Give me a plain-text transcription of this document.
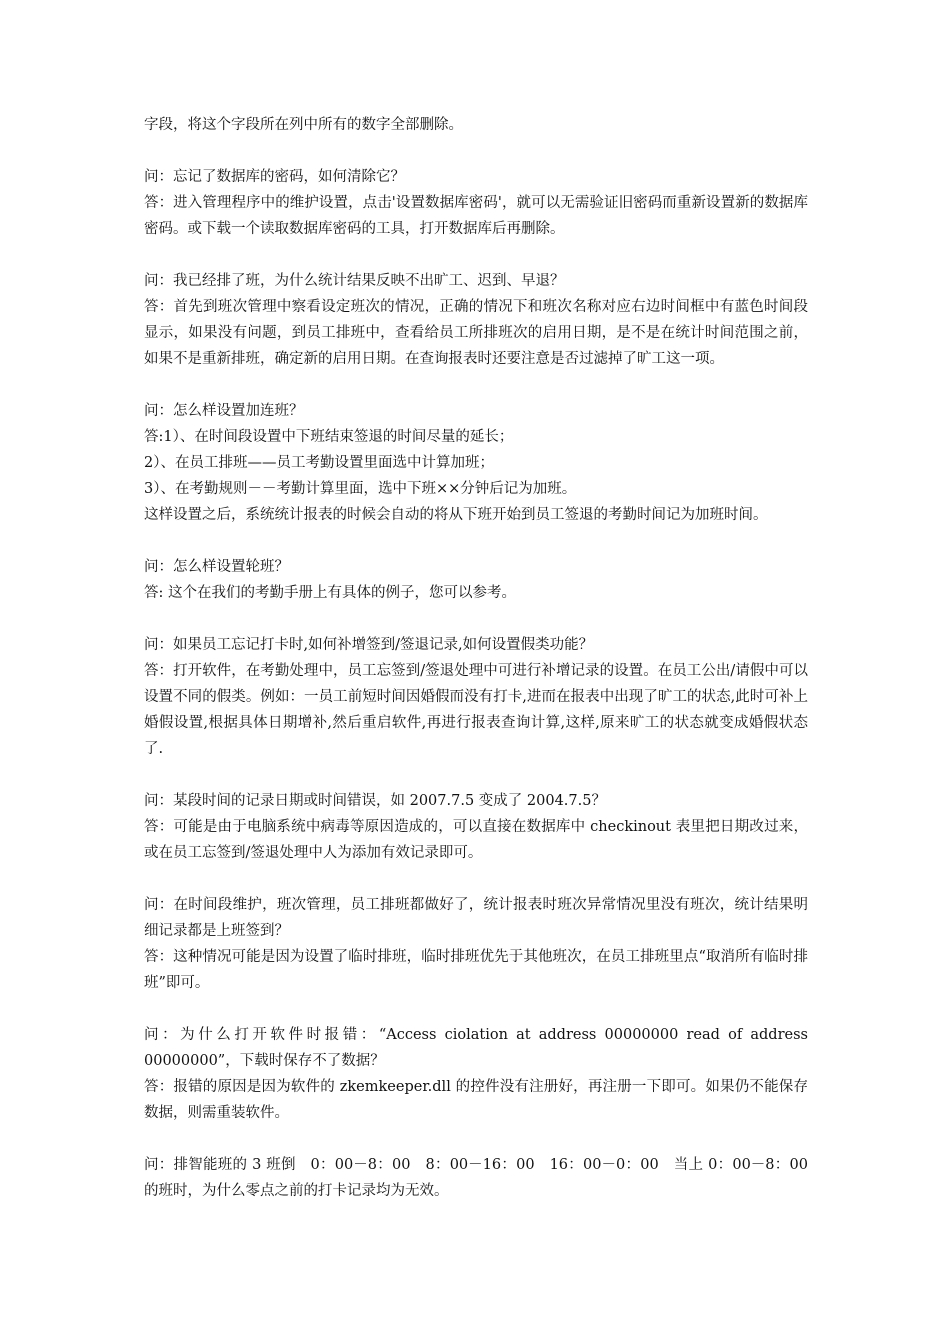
字段，将这个字段所在列中所有的数字全部删除。

问：忘记了数据库的密码，如何清除它？
答：进入管理程序中的维护设置，点击'设置数据库密码'，就可以无需验证旧密码而重新设置新的数据库密码。或下载一个读取数据库密码的工具，打开数据库后再删除。
问：我已经排了班，为什么统计结果反映不出旷工、迟到、早退？
答：首先到班次管理中察看设定班次的情况，正确的情况下和班次名称对应右边时间框中有蓝色时间段显示，如果没有问题，到员工排班中，查看给员工所排班次的启用日期，是不是在统计时间范围之前，如果不是重新排班，确定新的启用日期。在查询报表时还要注意是否过滤掉了旷工这一项。
问：怎么样设置加连班？
答:1）、在时间段设置中下班结束签退的时间尽量的延长；
2）、在员工排班——员工考勤设置里面选中计算加班；
3）、在考勤规则－－考勤计算里面，选中下班××分钟后记为加班。
这样设置之后，系统统计报表的时候会自动的将从下班开始到员工签退的考勤时间记为加班时间。
问：怎么样设置轮班？
答: 这个在我们的考勤手册上有具体的例子，您可以参考。
问：如果员工忘记打卡时,如何补增签到/签退记录,如何设置假类功能？
答：打开软件，在考勤处理中，员工忘签到/签退处理中可进行补增记录的设置。在员工公出/请假中可以设置不同的假类。例如：一员工前短时间因婚假而没有打卡,进而在报表中出现了旷工的状态,此时可补上婚假设置,根据具体日期增补,然后重启软件,再进行报表查询计算,这样,原来旷工的状态就变成婚假状态了.
问：某段时间的记录日期或时间错误，如 2007.7.5 变成了 2004.7.5？
答：可能是由于电脑系统中病毒等原因造成的，可以直接在数据库中 checkinout 表里把日期改过来，或在员工忘签到/签退处理中人为添加有效记录即可。
问：在时间段维护，班次管理，员工排班都做好了，统计报表时班次异常情况里没有班次，统计结果明细记录都是上班签到？
答：这种情况可能是因为设置了临时排班，临时排班优先于其他班次，在员工排班里点“取消所有临时排班”即可。
问：为什么打开软件时报错：“Access ciolation at address 00000000 read of address 00000000”，下载时保存不了数据？
答：报错的原因是因为软件的 zkemkeeper.dll 的控件没有注册好，再注册一下即可。如果仍不能保存数据，则需重装软件。
问：排智能班的 3 班倒　0：00－8：00　8：00－16：00　16：00－0：00　当上 0：00－8：00 的班时，为什么零点之前的打卡记录均为无效。
